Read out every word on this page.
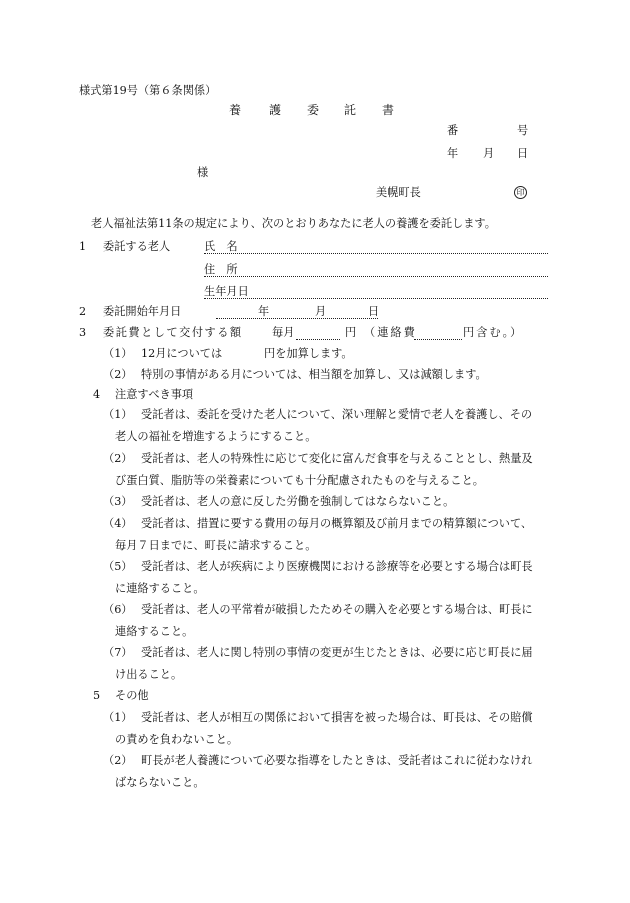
様式第19号（第６条関係）
養 護 委 託 書
番	号
年 月 日
様
美幌町長	印
老人福祉法第11条の規定により、次のとおりあなたに老人の養護を委託します。
1 委託する老人	氏　名
住　所
生年月日
2 委託開始年月日	年	月	日
3 委託費として交付する額	毎月	円 （連絡費	円含む。）
（1） 12月については	円を加算します。
（2） 特別の事情がある月については、相当額を加算し、又は減額します。
4 注意すべき事項
（1） 受託者は、委託を受けた老人について、深い理解と愛情で老人を養護し、その
老人の福祉を増進するようにすること。
（2） 受託者は、老人の特殊性に応じて変化に富んだ食事を与えることとし、熱量及
び蛋白質、脂肪等の栄養素についても十分配慮されたものを与えること。
（3） 受託者は、老人の意に反した労働を強制してはならないこと。
（4） 受託者は、措置に要する費用の毎月の概算額及び前月までの精算額について、
毎月７日までに、町長に請求すること。
（5） 受託者は、老人が疾病により医療機関における診療等を必要とする場合は町長
に連絡すること。
（6） 受託者は、老人の平常着が破損したためその購入を必要とする場合は、町長に
連絡すること。
（7） 受託者は、老人に関し特別の事情の変更が生じたときは、必要に応じ町長に届
け出ること。
5 その他
（1） 受託者は、老人が相互の関係において損害を被った場合は、町長は、その賠償
の責めを負わないこと。
（2） 町長が老人養護について必要な指導をしたときは、受託者はこれに従わなけれ
ばならないこと。
